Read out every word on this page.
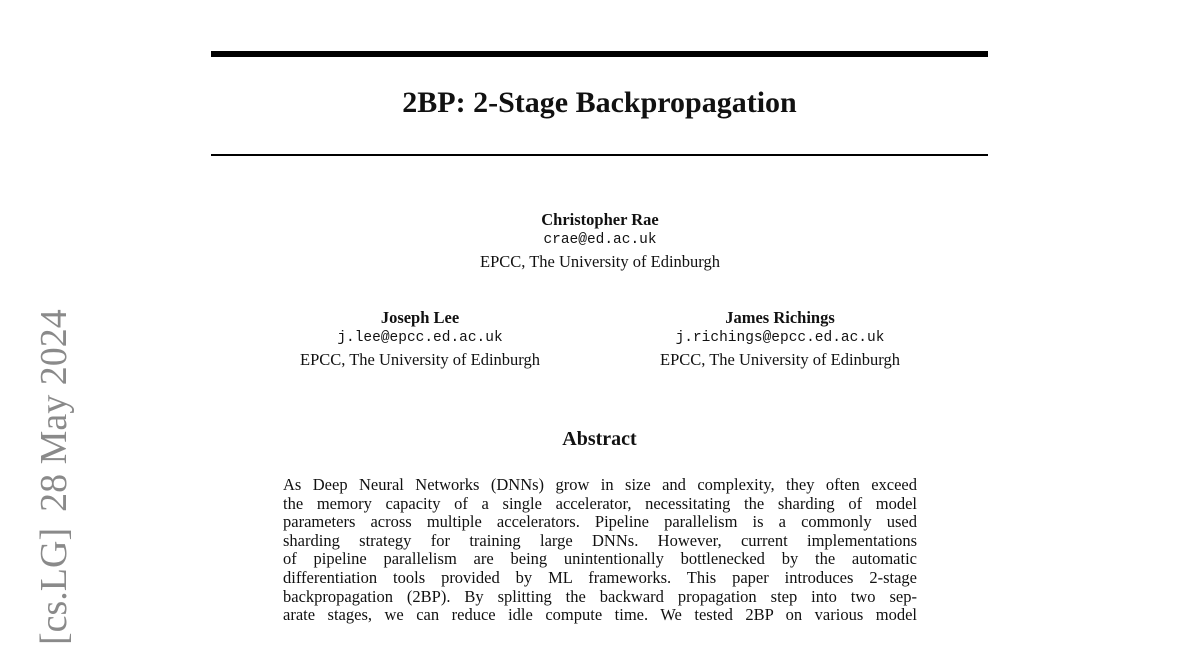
[cs.LG]28 May 2024
2BP: 2-Stage Backpropagation
Christopher Rae
crae@ed.ac.uk
EPCC, The University of Edinburgh
Joseph Lee
j.lee@epcc.ed.ac.uk
EPCC, The University of Edinburgh
James Richings
j.richings@epcc.ed.ac.uk
EPCC, The University of Edinburgh
Abstract
As Deep Neural Networks (DNNs) grow in size and complexity, they often exceed
the memory capacity of a single accelerator, necessitating the sharding of model
parameters across multiple accelerators. Pipeline parallelism is a commonly used
sharding strategy for training large DNNs. However, current implementations
of pipeline parallelism are being unintentionally bottlenecked by the automatic
differentiation tools provided by ML frameworks. This paper introduces 2-stage
backpropagation (2BP). By splitting the backward propagation step into two sep-
arate stages, we can reduce idle compute time. We tested 2BP on various model
